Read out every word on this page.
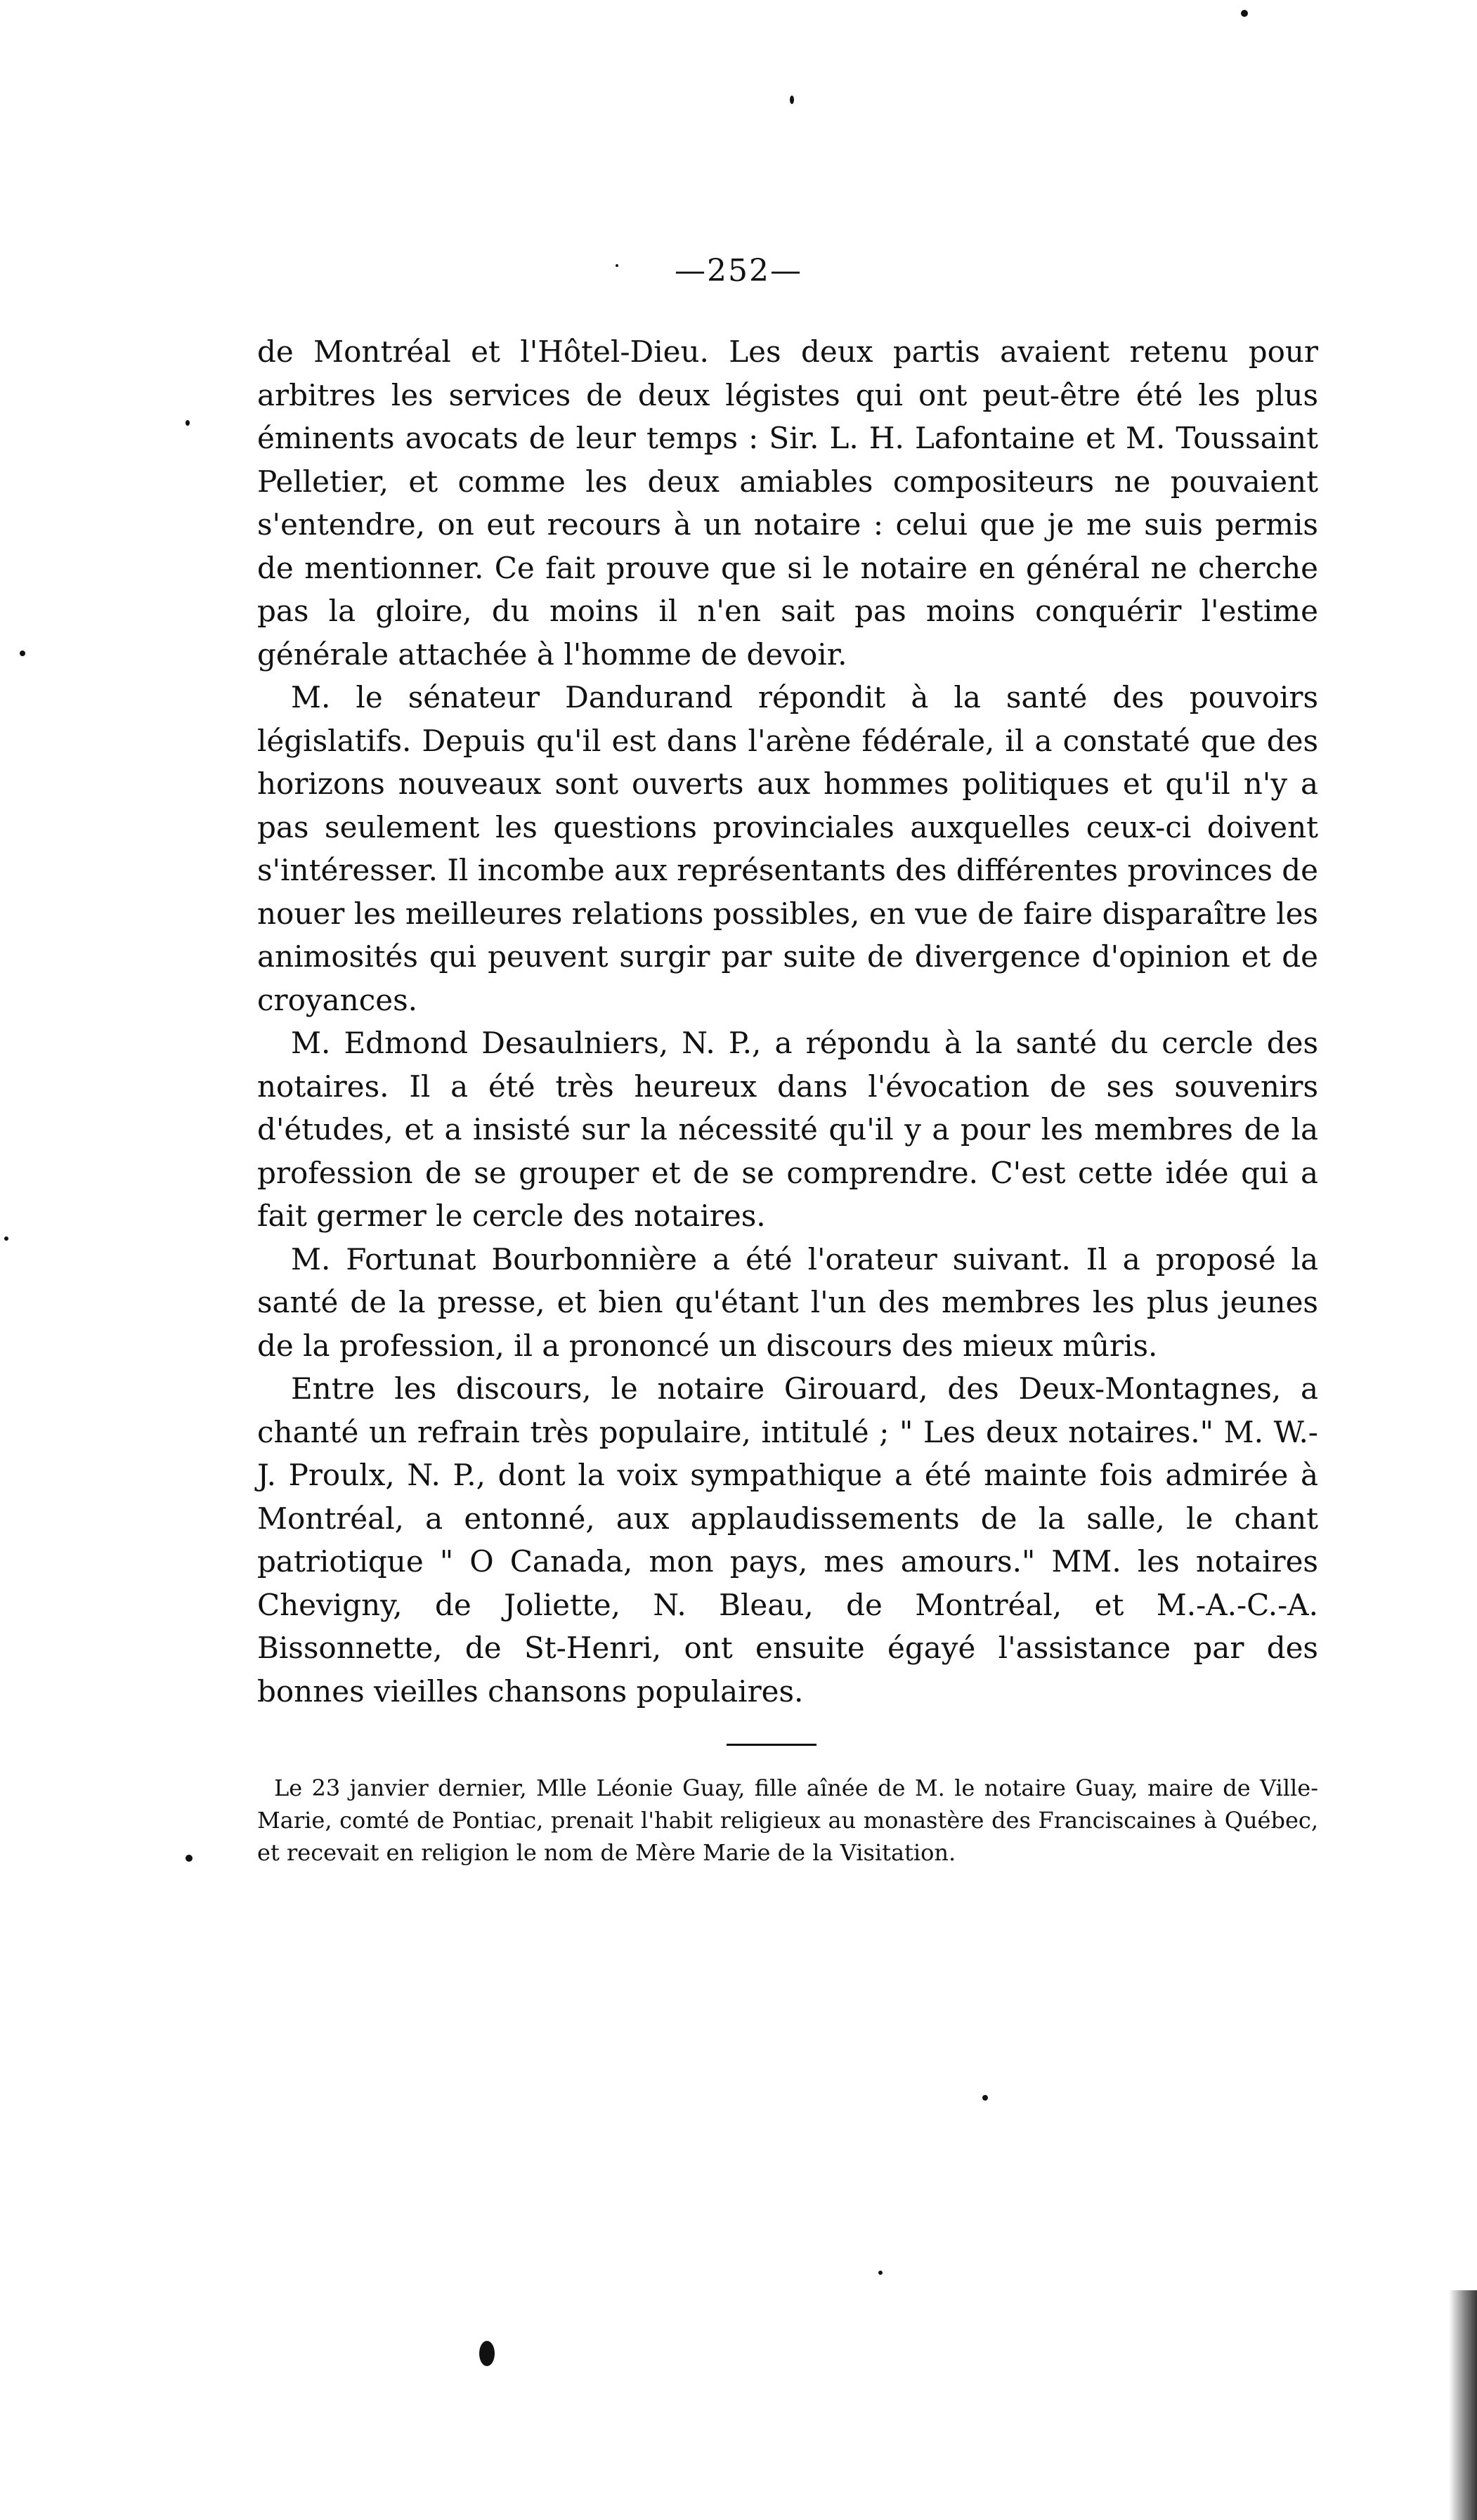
—252—

de Montréal et l'Hôtel-Dieu. Les deux partis avaient retenu pour arbitres les services de deux légistes qui ont peut-être été les plus éminents avocats de leur temps : Sir. L. H. Lafontaine et M. Toussaint Pelletier, et comme les deux amiables compositeurs ne pouvaient s'entendre, on eut recours à un notaire : celui que je me suis permis de mentionner. Ce fait prouve que si le notaire en général ne cherche pas la gloire, du moins il n'en sait pas moins conquérir l'estime générale attachée à l'homme de devoir.

M. le sénateur Dandurand répondit à la santé des pouvoirs législatifs. Depuis qu'il est dans l'arène fédérale, il a constaté que des horizons nouveaux sont ouverts aux hommes politiques et qu'il n'y a pas seulement les questions provinciales auxquelles ceux-ci doivent s'intéresser. Il incombe aux représentants des différentes provinces de nouer les meilleures relations possibles, en vue de faire disparaître les animosités qui peuvent surgir par suite de divergence d'opinion et de croyances.

M. Edmond Desaulniers, N. P., a répondu à la santé du cercle des notaires. Il a été très heureux dans l'évocation de ses souvenirs d'études, et a insisté sur la nécessité qu'il y a pour les membres de la profession de se grouper et de se comprendre. C'est cette idée qui a fait germer le cercle des notaires.

M. Fortunat Bourbonnière a été l'orateur suivant. Il a proposé la santé de la presse, et bien qu'étant l'un des membres les plus jeunes de la profession, il a prononcé un discours des mieux mûris.

Entre les discours, le notaire Girouard, des Deux-Montagnes, a chanté un refrain très populaire, intitulé ; " Les deux notaires." M. W.-J. Proulx, N. P., dont la voix sympathique a été mainte fois admirée à Montréal, a entonné, aux applaudissements de la salle, le chant patriotique " O Canada, mon pays, mes amours." MM. les notaires Chevigny, de Joliette, N. Bleau, de Montréal, et M.-A.-C.-A. Bissonnette, de St-Henri, ont ensuite égayé l'assistance par des bonnes vieilles chansons populaires.

Le 23 janvier dernier, Mlle Léonie Guay, fille aînée de M. le notaire Guay, maire de Ville-Marie, comté de Pontiac, prenait l'habit religieux au monastère des Franciscaines à Québec, et recevait en religion le nom de Mère Marie de la Visitation.
